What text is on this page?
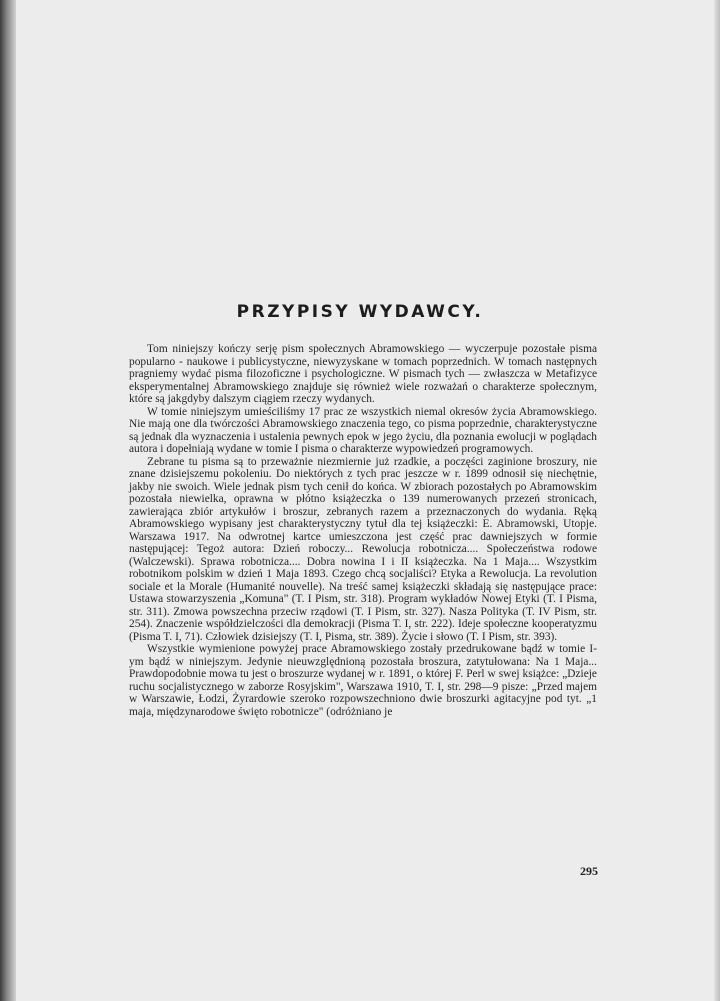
PRZYPISY WYDAWCY.

Tom niniejszy kończy serję pism społecznych Abramowskiego — wyczerpuje pozostałe pisma popularno - naukowe i publicystyczne, niewyzyskane w tomach poprzednich. W tomach następnych pragniemy wydać pisma filozoficzne i psychologiczne. W pismach tych — zwłaszcza w Metafizyce eksperymentalnej Abramowskiego znajduje się również wiele rozważań o charakterze społecznym, które są jakgdyby dalszym ciągiem rzeczy wydanych.

W tomie niniejszym umieściliśmy 17 prac ze wszystkich niemal okresów życia Abramowskiego. Nie mają one dla twórczości Abramowskiego znaczenia tego, co pisma poprzednie, charakterystyczne są jednak dla wyznaczenia i ustalenia pewnych epok w jego życiu, dla poznania ewolucji w poglądach autora i dopełniają wydane w tomie I pisma o charakterze wypowiedzeń programowych.

Zebrane tu pisma są to przeważnie niezmiernie już rzadkie, a poczęści zaginione broszury, nie znane dzisiejszemu pokoleniu. Do niektórych z tych prac jeszcze w r. 1899 odnosił się niechętnie, jakby nie swoich. Wiele jednak pism tych cenił do końca. W zbiorach pozostałych po Abramowskim pozostała niewielka, oprawna w płótno książeczka o 139 numerowanych przezeń stronicach, zawierająca zbiór artykułów i broszur, zebranych razem a przeznaczonych do wydania. Ręką Abramowskiego wypisany jest charakterystyczny tytuł dla tej książeczki: E. Abramowski, Utopje. Warszawa 1917. Na odwrotnej kartce umieszczona jest część prac dawniejszych w formie następującej: Tegoż autora: Dzień roboczy... Rewolucja robotnicza.... Społeczeństwa rodowe (Walczewski). Sprawa robotnicza.... Dobra nowina I i II książeczka. Na 1 Maja.... Wszystkim robotnikom polskim w dzień 1 Maja 1893. Czego chcą socjaliści? Etyka a Rewolucja. La revolution sociale et la Morale (Humanité nouvelle). Na treść samej książeczki składają się następujące prace: Ustawa stowarzyszenia „Komuna" (T. I Pism, str. 318). Program wykładów Nowej Etyki (T. I Pisma, str. 311). Zmowa powszechna przeciw rządowi (T. I Pism, str. 327). Nasza Polityka (T. IV Pism, str. 254). Znaczenie współdzielczości dla demokracji (Pisma T. I, str. 222). Ideje społeczne kooperatyzmu (Pisma T. I, 71). Człowiek dzisiejszy (T. I, Pisma, str. 389). Życie i słowo (T. I Pism, str. 393).

Wszystkie wymienione powyżej prace Abramowskiego zostały przedrukowane bądź w tomie I-ym bądź w niniejszym. Jedynie nieuwzględnioną pozostała broszura, zatytułowana: Na 1 Maja... Prawdopodobnie mowa tu jest o broszurze wydanej w r. 1891, o której F. Perl w swej książce: „Dzieje ruchu socjalistycznego w zaborze Rosyjskim", Warszawa 1910, T. I, str. 298—9 pisze: „Przed majem w Warszawie, Łodzi, Żyrardowie szeroko rozpowszechniono dwie broszurki agitacyjne pod tyt. „1 maja, międzynarodowe święto robotnicze" (odróżniano je

295
